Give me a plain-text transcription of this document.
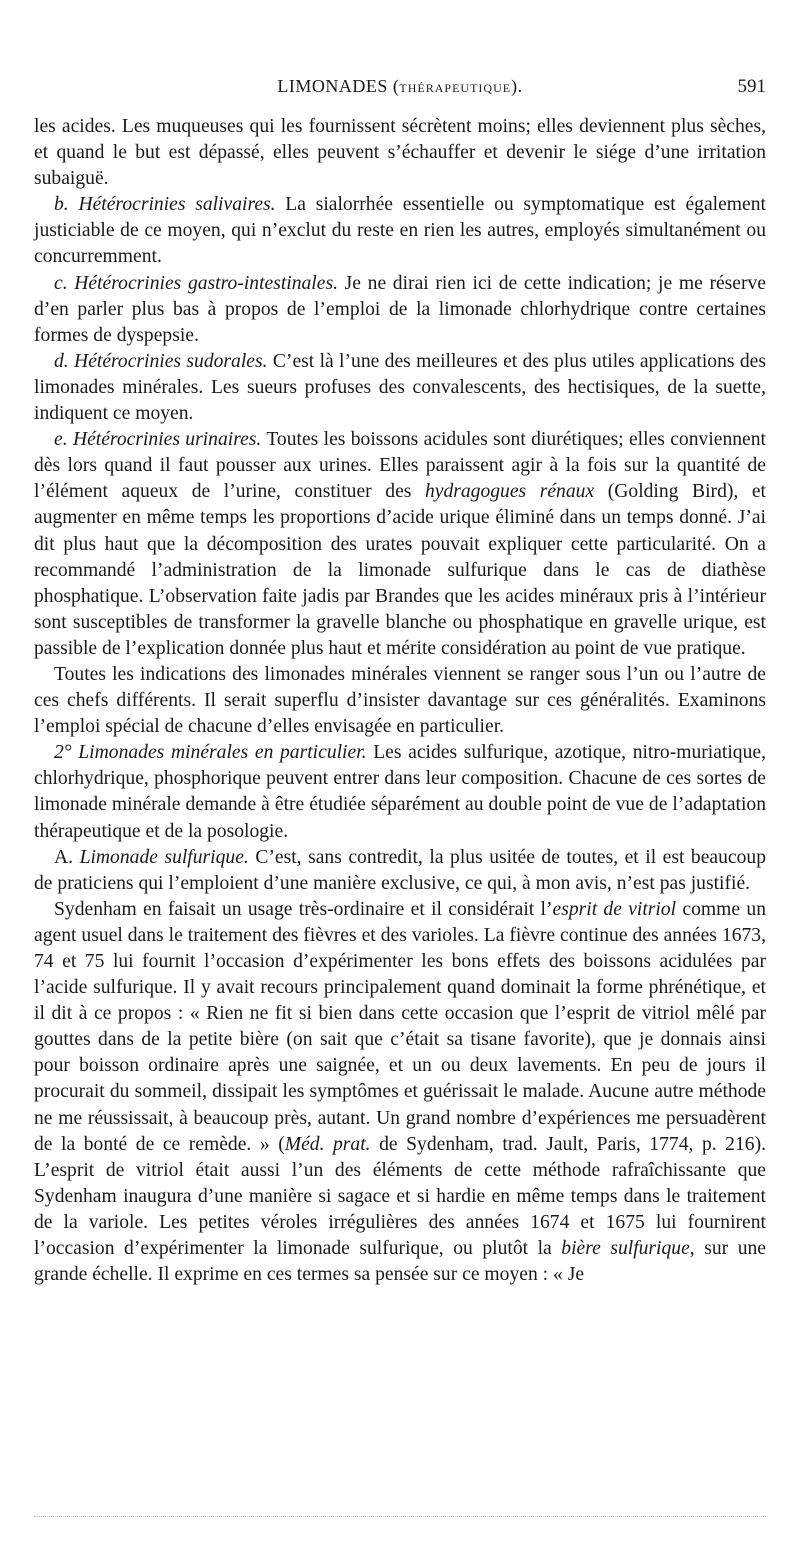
LIMONADES (THÉRAPEUTIQUE).	591

les acides. Les muqueuses qui les fournissent sécrètent moins; elles deviennent plus sèches, et quand le but est dépassé, elles peuvent s’échauffer et devenir le siége d’une irritation subaiguë.

b. Hétérocrinies salivaires. La sialorrhée essentielle ou symptomatique est également justiciable de ce moyen, qui n’exclut du reste en rien les autres, employés simultanément ou concurremment.

c. Hétérocrinies gastro-intestinales. Je ne dirai rien ici de cette indication; je me réserve d’en parler plus bas à propos de l’emploi de la limonade chlorhydrique contre certaines formes de dyspepsie.

d. Hétérocrinies sudorales. C’est là l’une des meilleures et des plus utiles applications des limonades minérales. Les sueurs profuses des convalescents, des hectisiques, de la suette, indiquent ce moyen.

e. Hétérocrinies urinaires. Toutes les boissons acidules sont diurétiques; elles conviennent dès lors quand il faut pousser aux urines. Elles paraissent agir à la fois sur la quantité de l’élément aqueux de l’urine, constituer des hydragogues rénaux (Golding Bird), et augmenter en même temps les proportions d’acide urique éliminé dans un temps donné. J’ai dit plus haut que la décomposition des urates pouvait expliquer cette particularité. On a recommandé l’administration de la limonade sulfurique dans le cas de diathèse phosphatique. L’observation faite jadis par Brandes que les acides minéraux pris à l’intérieur sont susceptibles de transformer la gravelle blanche ou phosphatique en gravelle urique, est passible de l’explication donnée plus haut et mérite considération au point de vue pratique.

Toutes les indications des limonades minérales viennent se ranger sous l’un ou l’autre de ces chefs différents. Il serait superflu d’insister davantage sur ces généralités. Examinons l’emploi spécial de chacune d’elles envisagée en particulier.

2° Limonades minérales en particulier. Les acides sulfurique, azotique, nitro-muriatique, chlorhydrique, phosphorique peuvent entrer dans leur composition. Chacune de ces sortes de limonade minérale demande à être étudiée séparément au double point de vue de l’adaptation thérapeutique et de la posologie.

A. Limonade sulfurique. C’est, sans contredit, la plus usitée de toutes, et il est beaucoup de praticiens qui l’emploient d’une manière exclusive, ce qui, à mon avis, n’est pas justifié.

Sydenham en faisait un usage très-ordinaire et il considérait l’esprit de vitriol comme un agent usuel dans le traitement des fièvres et des varioles. La fièvre continue des années 1673, 74 et 75 lui fournit l’occasion d’expérimenter les bons effets des boissons acidulées par l’acide sulfurique. Il y avait recours principalement quand dominait la forme phrénétique, et il dit à ce propos : « Rien ne fit si bien dans cette occasion que l’esprit de vitriol mêlé par gouttes dans de la petite bière (on sait que c’était sa tisane favorite), que je donnais ainsi pour boisson ordinaire après une saignée, et un ou deux lavements. En peu de jours il procurait du sommeil, dissipait les symptômes et guérissait le malade. Aucune autre méthode ne me réussissait, à beaucoup près, autant. Un grand nombre d’expériences me persuadèrent de la bonté de ce remède. » (Méd. prat. de Sydenham, trad. Jault, Paris, 1774, p. 216). L’esprit de vitriol était aussi l’un des éléments de cette méthode rafraîchissante que Sydenham inaugura d’une manière si sagace et si hardie en même temps dans le traitement de la variole. Les petites véroles irrégulières des années 1674 et 1675 lui fournirent l’occasion d’expérimenter la limonade sulfurique, ou plutôt la bière sulfurique, sur une grande échelle. Il exprime en ces termes sa pensée sur ce moyen : « Je
